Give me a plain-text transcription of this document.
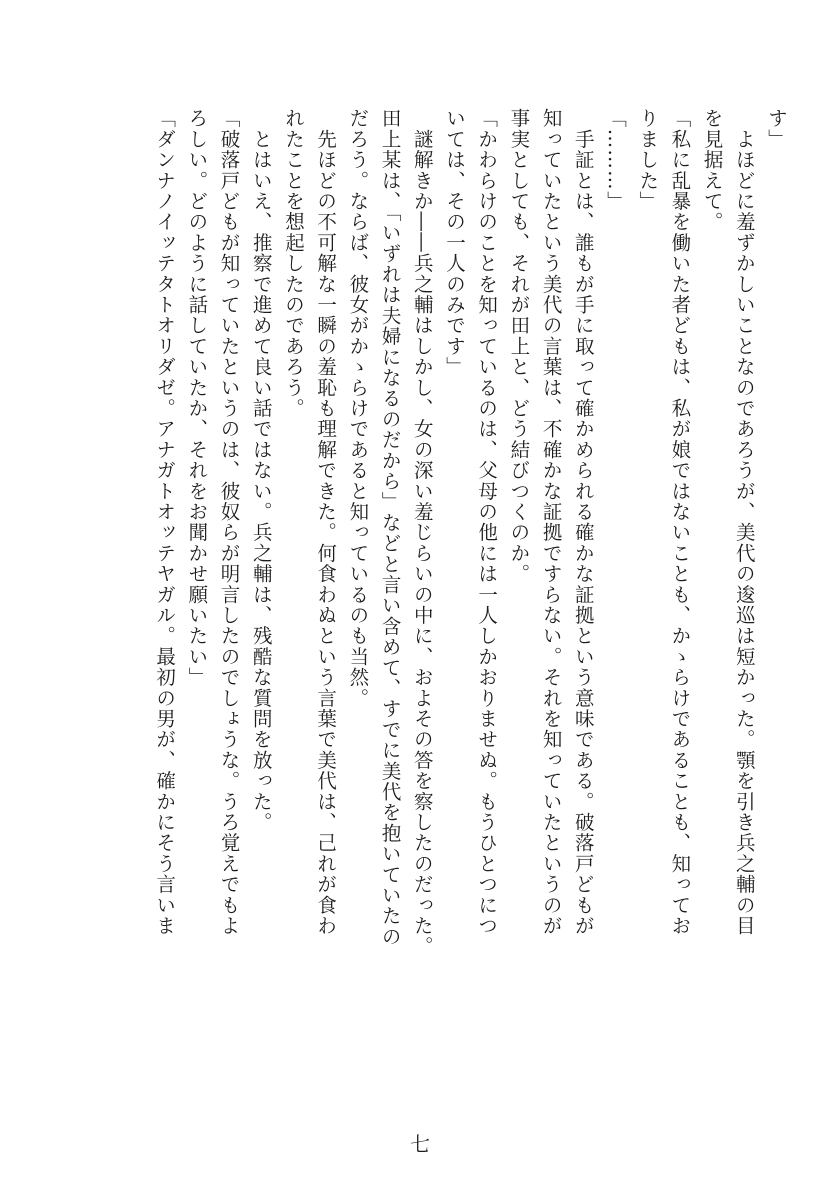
す」
　よほどに羞ずかしいことなのであろうが、美代の逡巡は短かった。顎を引き兵之輔の目
を見据えて。
「私に乱暴を働いた者どもは、私が娘ではないことも、かゝらけであることも、知ってお
りました」
「………」
　手証とは、誰もが手に取って確かめられる確かな証拠という意味である。破落戸どもが
知っていたという美代の言葉は、不確かな証拠ですらない。それを知っていたというのが
事実としても、それが田上と、どう結びつくのか。
「かわらけのことを知っているのは、父母の他には一人しかおりませぬ。もうひとつにつ
いては、その一人のみです」
　謎解きか――兵之輔はしかし、女の深い羞じらいの中に、およその答を察したのだった。
田上某は、「いずれは夫婦になるのだから」などと言い含めて、すでに美代を抱いていたの
だろう。ならば、彼女がかゝらけであると知っているのも当然。
　先ほどの不可解な一瞬の羞恥も理解できた。何食わぬという言葉で美代は、己れが食わ
れたことを想起したのであろう。
　とはいえ、推察で進めて良い話ではない。兵之輔は、残酷な質問を放った。
「破落戸どもが知っていたというのは、彼奴らが明言したのでしょうな。うろ覚えでもよ
ろしい。どのように話していたか、それをお聞かせ願いたい」
「ダンナノイッテタトオリダゼ。アナガトオッテヤガル。最初の男が、確かにそう言いま
七
